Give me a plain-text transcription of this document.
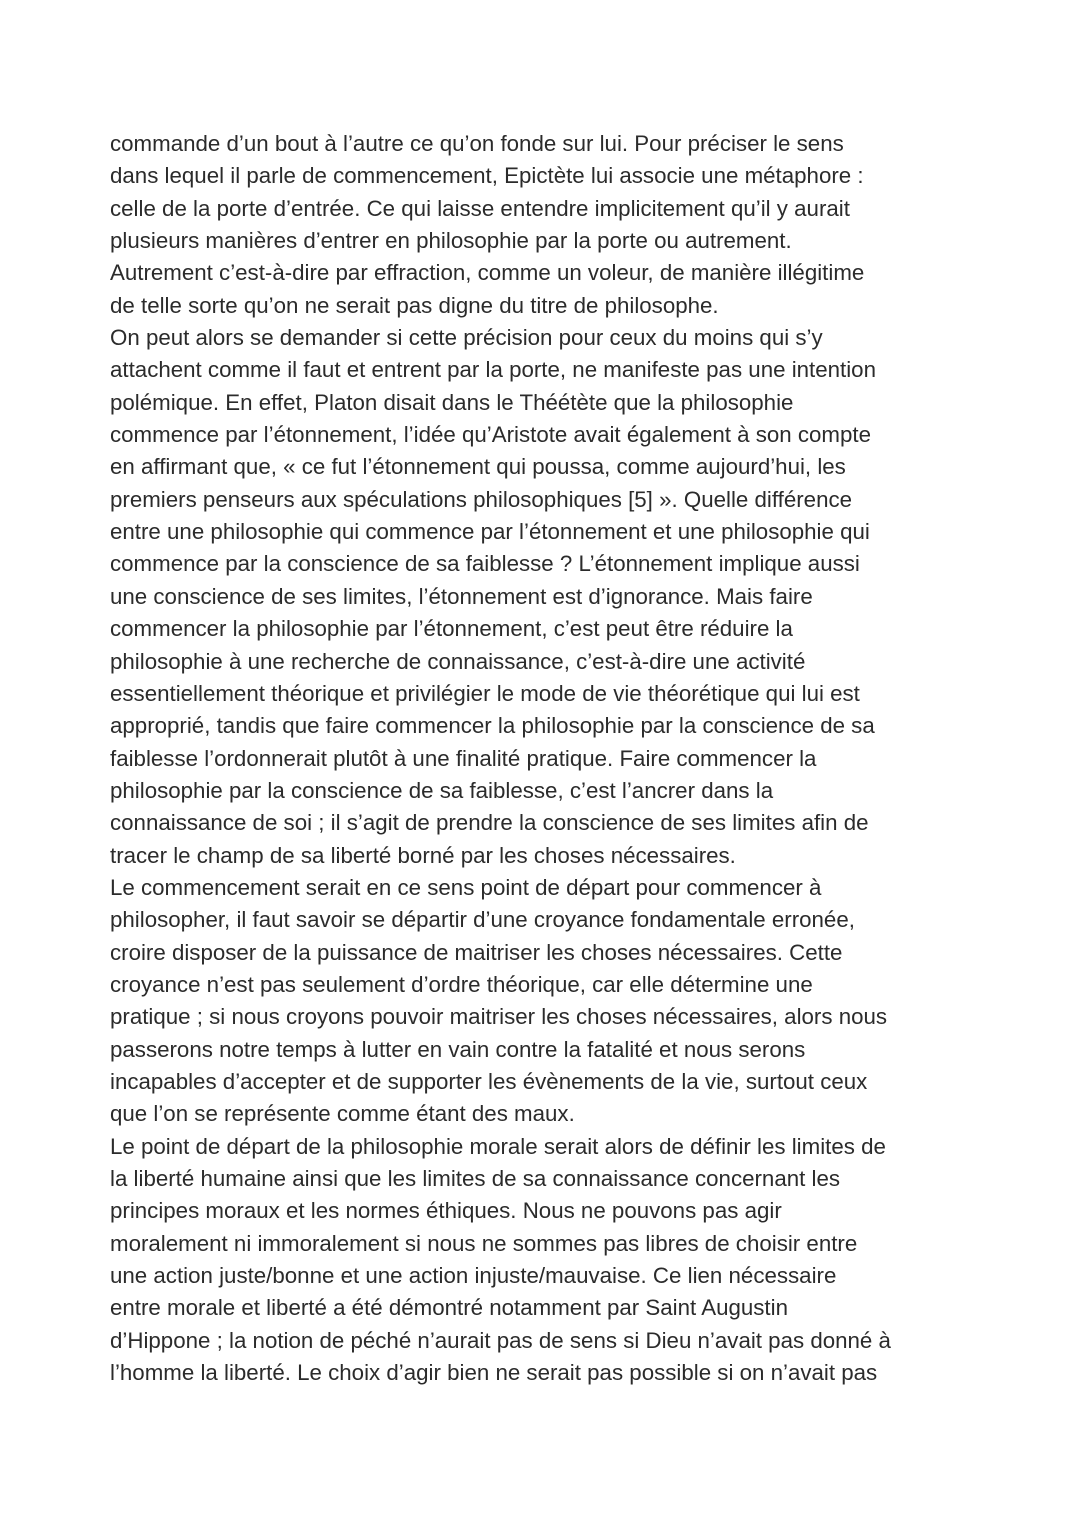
commande d’un bout à l’autre ce qu’on fonde sur lui. Pour préciser le sens
dans lequel il parle de commencement, Epictète lui associe une métaphore :
celle de la porte d’entrée. Ce qui laisse entendre implicitement qu’il y aurait
plusieurs manières d’entrer en philosophie par la porte ou autrement.
Autrement c’est-à-dire par effraction, comme un voleur, de manière illégitime
de telle sorte qu’on ne serait pas digne du titre de philosophe.
On peut alors se demander si cette précision pour ceux du moins qui s’y
attachent comme il faut et entrent par la porte, ne manifeste pas une intention
polémique. En effet, Platon disait dans le Théétète que la philosophie
commence par l’étonnement, l’idée qu’Aristote avait également à son compte
en affirmant que, « ce fut l’étonnement qui poussa, comme aujourd’hui, les
premiers penseurs aux spéculations philosophiques [5] ». Quelle différence
entre une philosophie qui commence par l’étonnement et une philosophie qui
commence par la conscience de sa faiblesse ? L’étonnement implique aussi
une conscience de ses limites, l’étonnement est d’ignorance. Mais faire
commencer la philosophie par l’étonnement, c’est peut être réduire la
philosophie à une recherche de connaissance, c’est-à-dire une activité
essentiellement théorique et privilégier le mode de vie théorétique qui lui est
approprié, tandis que faire commencer la philosophie par la conscience de sa
faiblesse l’ordonnerait plutôt à une finalité pratique. Faire commencer la
philosophie par la conscience de sa faiblesse, c’est l’ancrer dans la
connaissance de soi ; il s’agit de prendre la conscience de ses limites afin de
tracer le champ de sa liberté borné par les choses nécessaires.
Le commencement serait en ce sens point de départ pour commencer à
philosopher, il faut savoir se départir d’une croyance fondamentale erronée,
croire disposer de la puissance de maitriser les choses nécessaires. Cette
croyance n’est pas seulement d’ordre théorique, car elle détermine une
pratique ; si nous croyons pouvoir maitriser les choses nécessaires, alors nous
passerons notre temps à lutter en vain contre la fatalité et nous serons
incapables d’accepter et de supporter les évènements de la vie, surtout ceux
que l’on se représente comme étant des maux.
Le point de départ de la philosophie morale serait alors de définir les limites de
la liberté humaine ainsi que les limites de sa connaissance concernant les
principes moraux et les normes éthiques. Nous ne pouvons pas agir
moralement ni immoralement si nous ne sommes pas libres de choisir entre
une action juste/bonne et une action injuste/mauvaise. Ce lien nécessaire
entre morale et liberté a été démontré notamment par Saint Augustin
d’Hippone ; la notion de péché n’aurait pas de sens si Dieu n’avait pas donné à
l’homme la liberté. Le choix d’agir bien ne serait pas possible si on n’avait pas
